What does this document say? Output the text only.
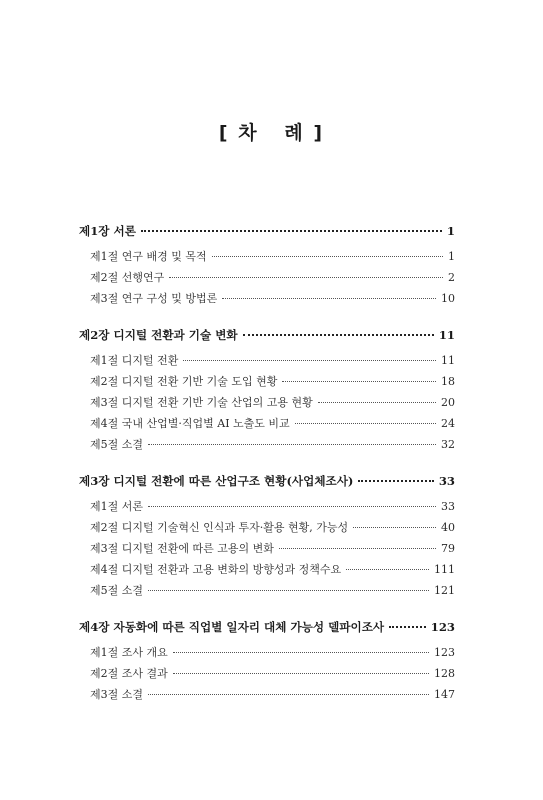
[ 차   례 ]
제1장 서론	1
제1절 연구 배경 및 목적	1
제2절 선행연구	2
제3절 연구 구성 및 방법론	10
제2장 디지털 전환과 기술 변화	11
제1절 디지털 전환	11
제2절 디지털 전환 기반 기술 도입 현황	18
제3절 디지털 전환 기반 기술 산업의 고용 현황	20
제4절 국내 산업별·직업별 AI 노출도 비교	24
제5절 소결	32
제3장 디지털 전환에 따른 산업구조 현황(사업체조사)	33
제1절 서론	33
제2절 디지털 기술혁신 인식과 투자·활용 현황, 가능성	40
제3절 디지털 전환에 따른 고용의 변화	79
제4절 디지털 전환과 고용 변화의 방향성과 정책수요	111
제5절 소결	121
제4장 자동화에 따른 직업별 일자리 대체 가능성 델파이조사	123
제1절 조사 개요	123
제2절 조사 결과	128
제3절 소결	147
